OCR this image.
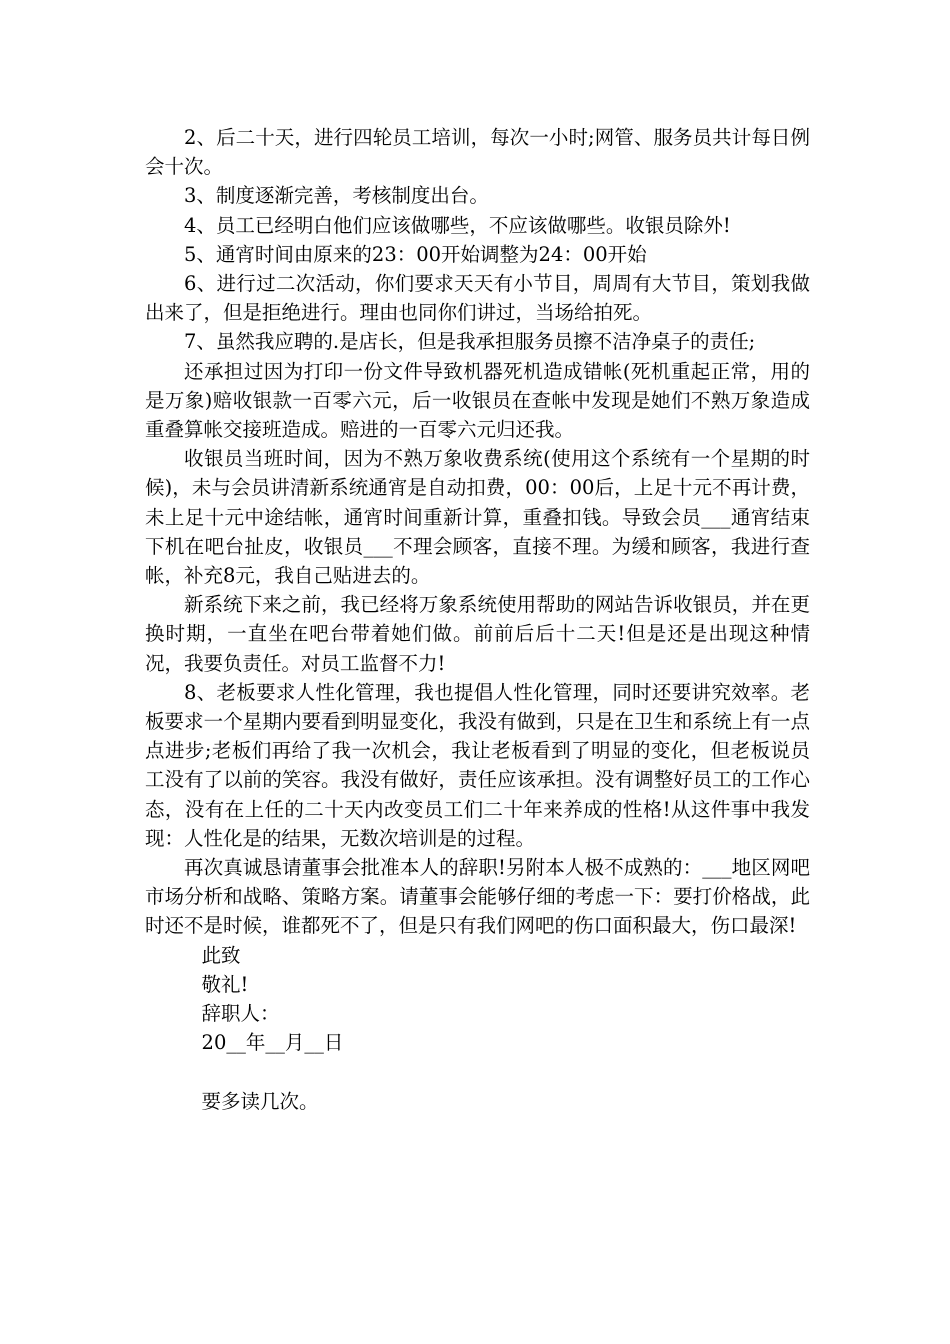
2、后二十天，进行四轮员工培训，每次一小时;网管、服务员共计每日例会十次。

3、制度逐渐完善，考核制度出台。

4、员工已经明白他们应该做哪些，不应该做哪些。收银员除外!

5、通宵时间由原来的23：00开始调整为24：00开始

6、进行过二次活动，你们要求天天有小节目，周周有大节目，策划我做出来了，但是拒绝进行。理由也同你们讲过，当场给拍死。

7、虽然我应聘的.是店长，但是我承担服务员擦不洁净桌子的责任;

还承担过因为打印一份文件导致机器死机造成错帐(死机重起正常，用的是万象)赔收银款一百零六元，后一收银员在查帐中发现是她们不熟万象造成重叠算帐交接班造成。赔进的一百零六元归还我。

收银员当班时间，因为不熟万象收费系统(使用这个系统有一个星期的时候)，未与会员讲清新系统通宵是自动扣费，00：00后，上足十元不再计费，未上足十元中途结帐，通宵时间重新计算，重叠扣钱。导致会员___通宵结束下机在吧台扯皮，收银员___不理会顾客，直接不理。为缓和顾客，我进行查帐，补充8元，我自己贴进去的。

新系统下来之前，我已经将万象系统使用帮助的网站告诉收银员，并在更换时期，一直坐在吧台带着她们做。前前后后十二天!但是还是出现这种情况，我要负责任。对员工监督不力!

8、老板要求人性化管理，我也提倡人性化管理，同时还要讲究效率。老板要求一个星期内要看到明显变化，我没有做到，只是在卫生和系统上有一点点进步;老板们再给了我一次机会，我让老板看到了明显的变化，但老板说员工没有了以前的笑容。我没有做好，责任应该承担。没有调整好员工的工作心态，没有在上任的二十天内改变员工们二十年来养成的性格!从这件事中我发现：人性化是的结果，无数次培训是的过程。

再次真诚恳请董事会批准本人的辞职!另附本人极不成熟的：___地区网吧市场分析和战略、策略方案。请董事会能够仔细的考虑一下：要打价格战，此时还不是时候，谁都死不了，但是只有我们网吧的伤口面积最大，伤口最深!

此致

敬礼!

辞职人：

20__年__月__日

要多读几次。
